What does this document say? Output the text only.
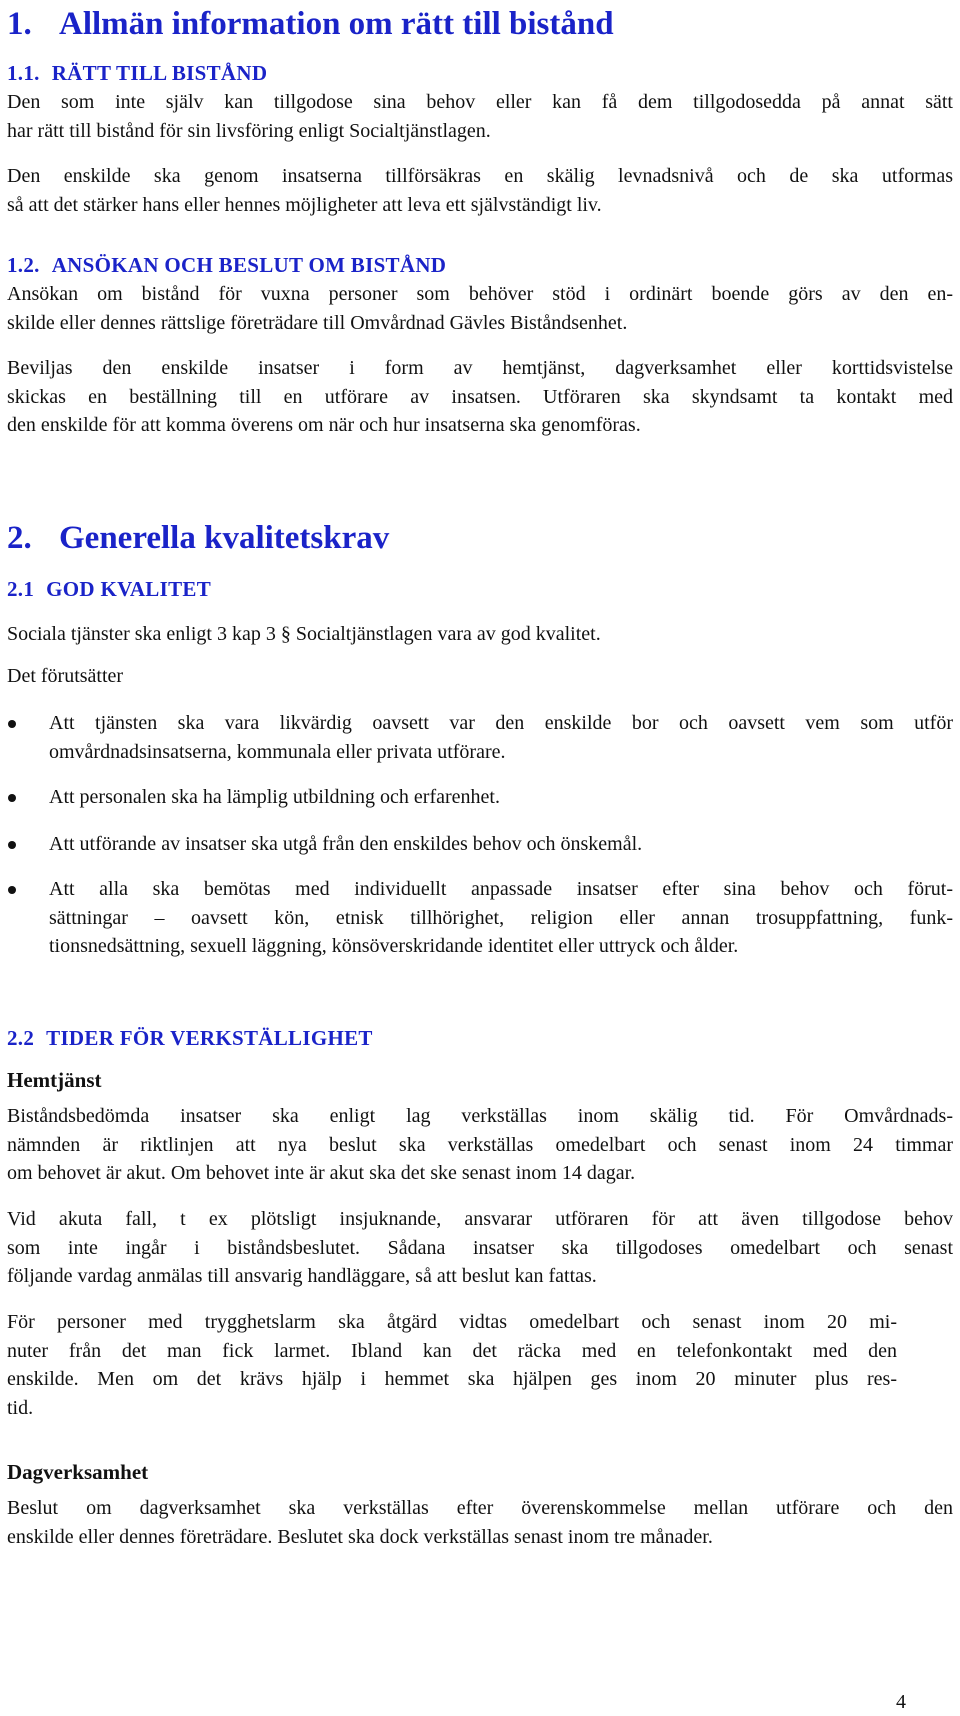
1. Allmän information om rätt till bistånd
1.1. RÄTT TILL BISTÅND
Den som inte själv kan tillgodose sina behov eller kan få dem tillgodosedda på annat sätt
har rätt till bistånd för sin livsföring enligt Socialtjänstlagen.
Den enskilde ska genom insatserna tillförsäkras en skälig levnadsnivå och de ska utformas
så att det stärker hans eller hennes möjligheter att leva ett självständigt liv.
1.2. ANSÖKAN OCH BESLUT OM BISTÅND
Ansökan om bistånd för vuxna personer som behöver stöd i ordinärt boende görs av den en-
skilde eller dennes rättslige företrädare till Omvårdnad Gävles Biståndsenhet.
Beviljas den enskilde insatser i form av hemtjänst, dagverksamhet eller korttidsvistelse
skickas en beställning till en utförare av insatsen. Utföraren ska skyndsamt ta kontakt med
den enskilde för att komma överens om när och hur insatserna ska genomföras.
2. Generella kvalitetskrav
2.1 GOD KVALITET
Sociala tjänster ska enligt 3 kap 3 § Socialtjänstlagen vara av god kvalitet.
Det förutsätter
Att tjänsten ska vara likvärdig oavsett var den enskilde bor och oavsett vem som utför
omvårdnadsinsatserna, kommunala eller privata utförare.
Att personalen ska ha lämplig utbildning och erfarenhet.
Att utförande av insatser ska utgå från den enskildes behov och önskemål.
Att alla ska bemötas med individuellt anpassade insatser efter sina behov och förut-
sättningar – oavsett kön, etnisk tillhörighet, religion eller annan trosuppfattning, funk-
tionsnedsättning, sexuell läggning, könsöverskridande identitet eller uttryck och ålder.
2.2 TIDER FÖR VERKSTÄLLIGHET
Hemtjänst
Biståndsbedömda insatser ska enligt lag verkställas inom skälig tid. För Omvårdnads-
nämnden är riktlinjen att nya beslut ska verkställas omedelbart och senast inom 24 timmar
om behovet är akut. Om behovet inte är akut ska det ske senast inom 14 dagar.
Vid akuta fall, t ex plötsligt insjuknande, ansvarar utföraren för att även tillgodose behov
som inte ingår i biståndsbeslutet. Sådana insatser ska tillgodoses omedelbart och senast
följande vardag anmälas till ansvarig handläggare, så att beslut kan fattas.
För personer med trygghetslarm ska åtgärd vidtas omedelbart och senast inom 20 mi-
nuter från det man fick larmet. Ibland kan det räcka med en telefonkontakt med den
enskilde. Men om det krävs hjälp i hemmet ska hjälpen ges inom 20 minuter plus res-
tid.
Dagverksamhet
Beslut om dagverksamhet ska verkställas efter överenskommelse mellan utförare och den
enskilde eller dennes företrädare. Beslutet ska dock verkställas senast inom tre månader.
4
